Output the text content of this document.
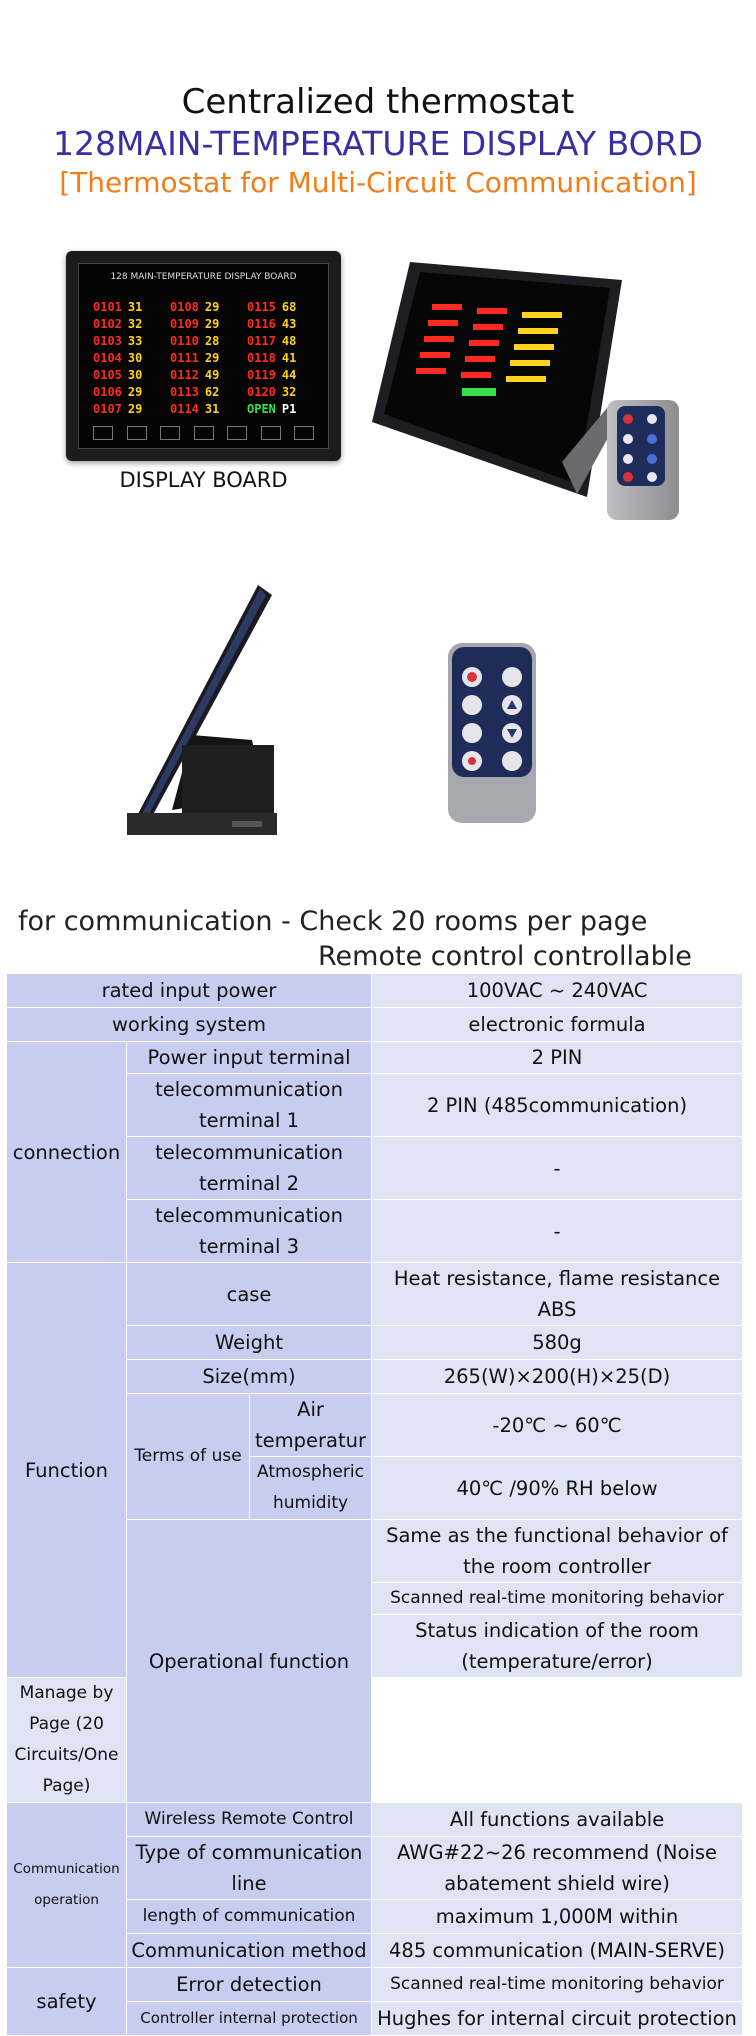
Centralized thermostat
128MAIN-TEMPERATURE DISPLAY BORD
[Thermostat for Multi-Circuit Communication]
128 MAIN-TEMPERATURE DISPLAY BOARD
0101 31	0108 29	0115 68
0102 32	0109 29	0116 43
0103 33	0110 28	0117 48
0104 30	0111 29	0118 41
0105 30	0112 49	0119 44
0106 29	0113 62	0120 32
0107 29	0114 31	OPEN P1
DISPLAY BOARD
for communication - Check 20 rooms per page
Remote control controllable
rated input power			100VAC ~ 240VAC
working system			electronic formula
connection	Power input terminal		2 PIN
	telecommunication terminal 1		2 PIN (485communication)
	telecommunication terminal 2		-
	telecommunication terminal 3		-
Function	case		Heat resistance, flame resistance ABS
	Weight		580g
	Size(mm)		265(W)×200(H)×25(D)
	Terms of use	Air temperatur	-20℃ ~ 60℃
		Atmospheric humidity	40℃ /90% RH below
	Operational function		Same as the functional behavior of the room controller
			Scanned real-time monitoring behavior
			Status indication of the room (temperature/error)
Manage by Page (20 Circuits/One Page)			
Communication operation	Wireless Remote Control		All functions available
	Type of communication line		AWG#22~26 recommend (Noise abatement shield wire)
	length of communication		maximum 1,000M within
	Communication method		485 communication (MAIN-SERVE)
safety	Error detection		Scanned real-time monitoring behavior
	Controller internal protection		Hughes for internal circuit protection
